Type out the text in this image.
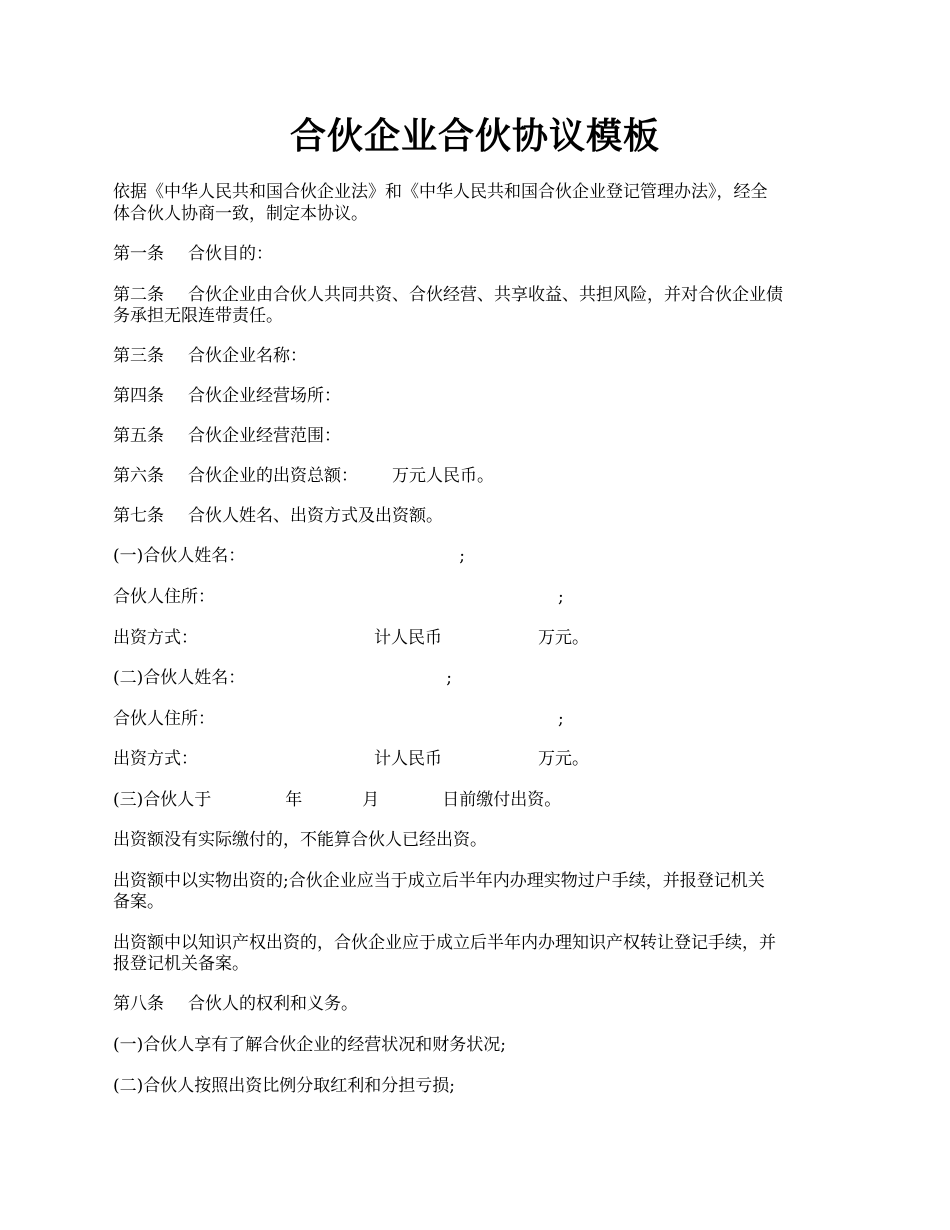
合伙企业合伙协议模板
依据《中华人民共和国合伙企业法》和《中华人民共和国合伙企业登记管理办法》，经全
体合伙人协商一致，制定本协议。
第一条 合伙目的：
第二条 合伙企业由合伙人共同共资、合伙经营、共享收益、共担风险，并对合伙企业债
务承担无限连带责任。
第三条 合伙企业名称：
第四条 合伙企业经营场所：
第五条 合伙企业经营范围：
第六条 合伙企业的出资总额： 万元人民币。
第七条 合伙人姓名、出资方式及出资额。
(一)合伙人姓名：	;
合伙人住所：	;
出资方式：	计人民币	万元。
(二)合伙人姓名：	;
合伙人住所：	;
出资方式：	计人民币	万元。
(三)合伙人于	年	月	日前缴付出资。
出资额没有实际缴付的，不能算合伙人已经出资。
出资额中以实物出资的;合伙企业应当于成立后半年内办理实物过户手续，并报登记机关
备案。
出资额中以知识产权出资的，合伙企业应于成立后半年内办理知识产权转让登记手续，并
报登记机关备案。
第八条 合伙人的权利和义务。
(一)合伙人享有了解合伙企业的经营状况和财务状况;
(二)合伙人按照出资比例分取红利和分担亏损;
